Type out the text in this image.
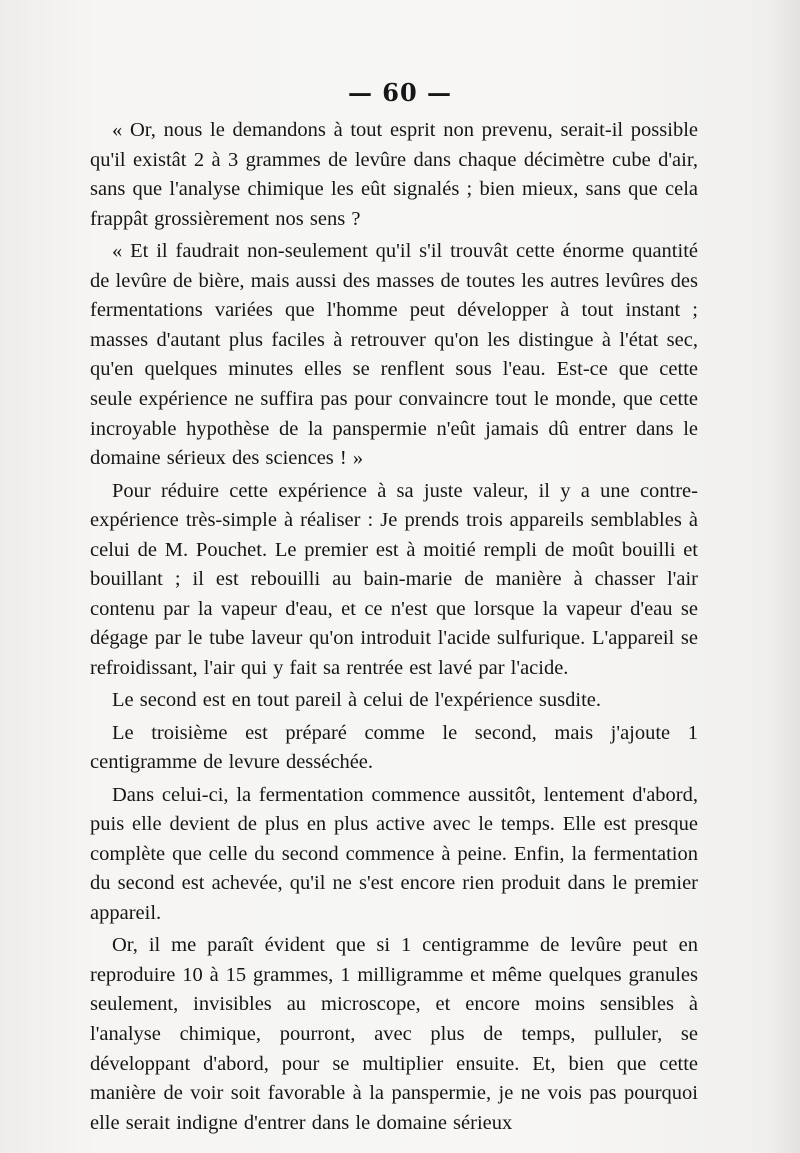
— 60 —

« Or, nous le demandons à tout esprit non prevenu, serait-il possible qu'il existât 2 à 3 grammes de levûre dans chaque décimètre cube d'air, sans que l'analyse chimique les eût signalés ; bien mieux, sans que cela frappât grossièrement nos sens ?

« Et il faudrait non-seulement qu'il s'il trouvât cette énorme quantité de levûre de bière, mais aussi des masses de toutes les autres levûres des fermentations variées que l'homme peut développer à tout instant ; masses d'autant plus faciles à retrouver qu'on les distingue à l'état sec, qu'en quelques minutes elles se renflent sous l'eau. Est-ce que cette seule expérience ne suffira pas pour convaincre tout le monde, que cette incroyable hypothèse de la panspermie n'eût jamais dû entrer dans le domaine sérieux des sciences ! »

Pour réduire cette expérience à sa juste valeur, il y a une contre-expérience très-simple à réaliser : Je prends trois appareils semblables à celui de M. Pouchet. Le premier est à moitié rempli de moût bouilli et bouillant ; il est rebouilli au bain-marie de manière à chasser l'air contenu par la vapeur d'eau, et ce n'est que lorsque la vapeur d'eau se dégage par le tube laveur qu'on introduit l'acide sulfurique. L'appareil se refroidissant, l'air qui y fait sa rentrée est lavé par l'acide.

Le second est en tout pareil à celui de l'expérience susdite.

Le troisième est préparé comme le second, mais j'ajoute 1 centigramme de levure desséchée.

Dans celui-ci, la fermentation commence aussitôt, lentement d'abord, puis elle devient de plus en plus active avec le temps. Elle est presque complète que celle du second commence à peine. Enfin, la fermentation du second est achevée, qu'il ne s'est encore rien produit dans le premier appareil.

Or, il me paraît évident que si 1 centigramme de levûre peut en reproduire 10 à 15 grammes, 1 milligramme et même quelques granules seulement, invisibles au microscope, et encore moins sensibles à l'analyse chimique, pourront, avec plus de temps, pulluler, se développant d'abord, pour se multiplier ensuite. Et, bien que cette manière de voir soit favorable à la panspermie, je ne vois pas pourquoi elle serait indigne d'entrer dans le domaine sérieux
